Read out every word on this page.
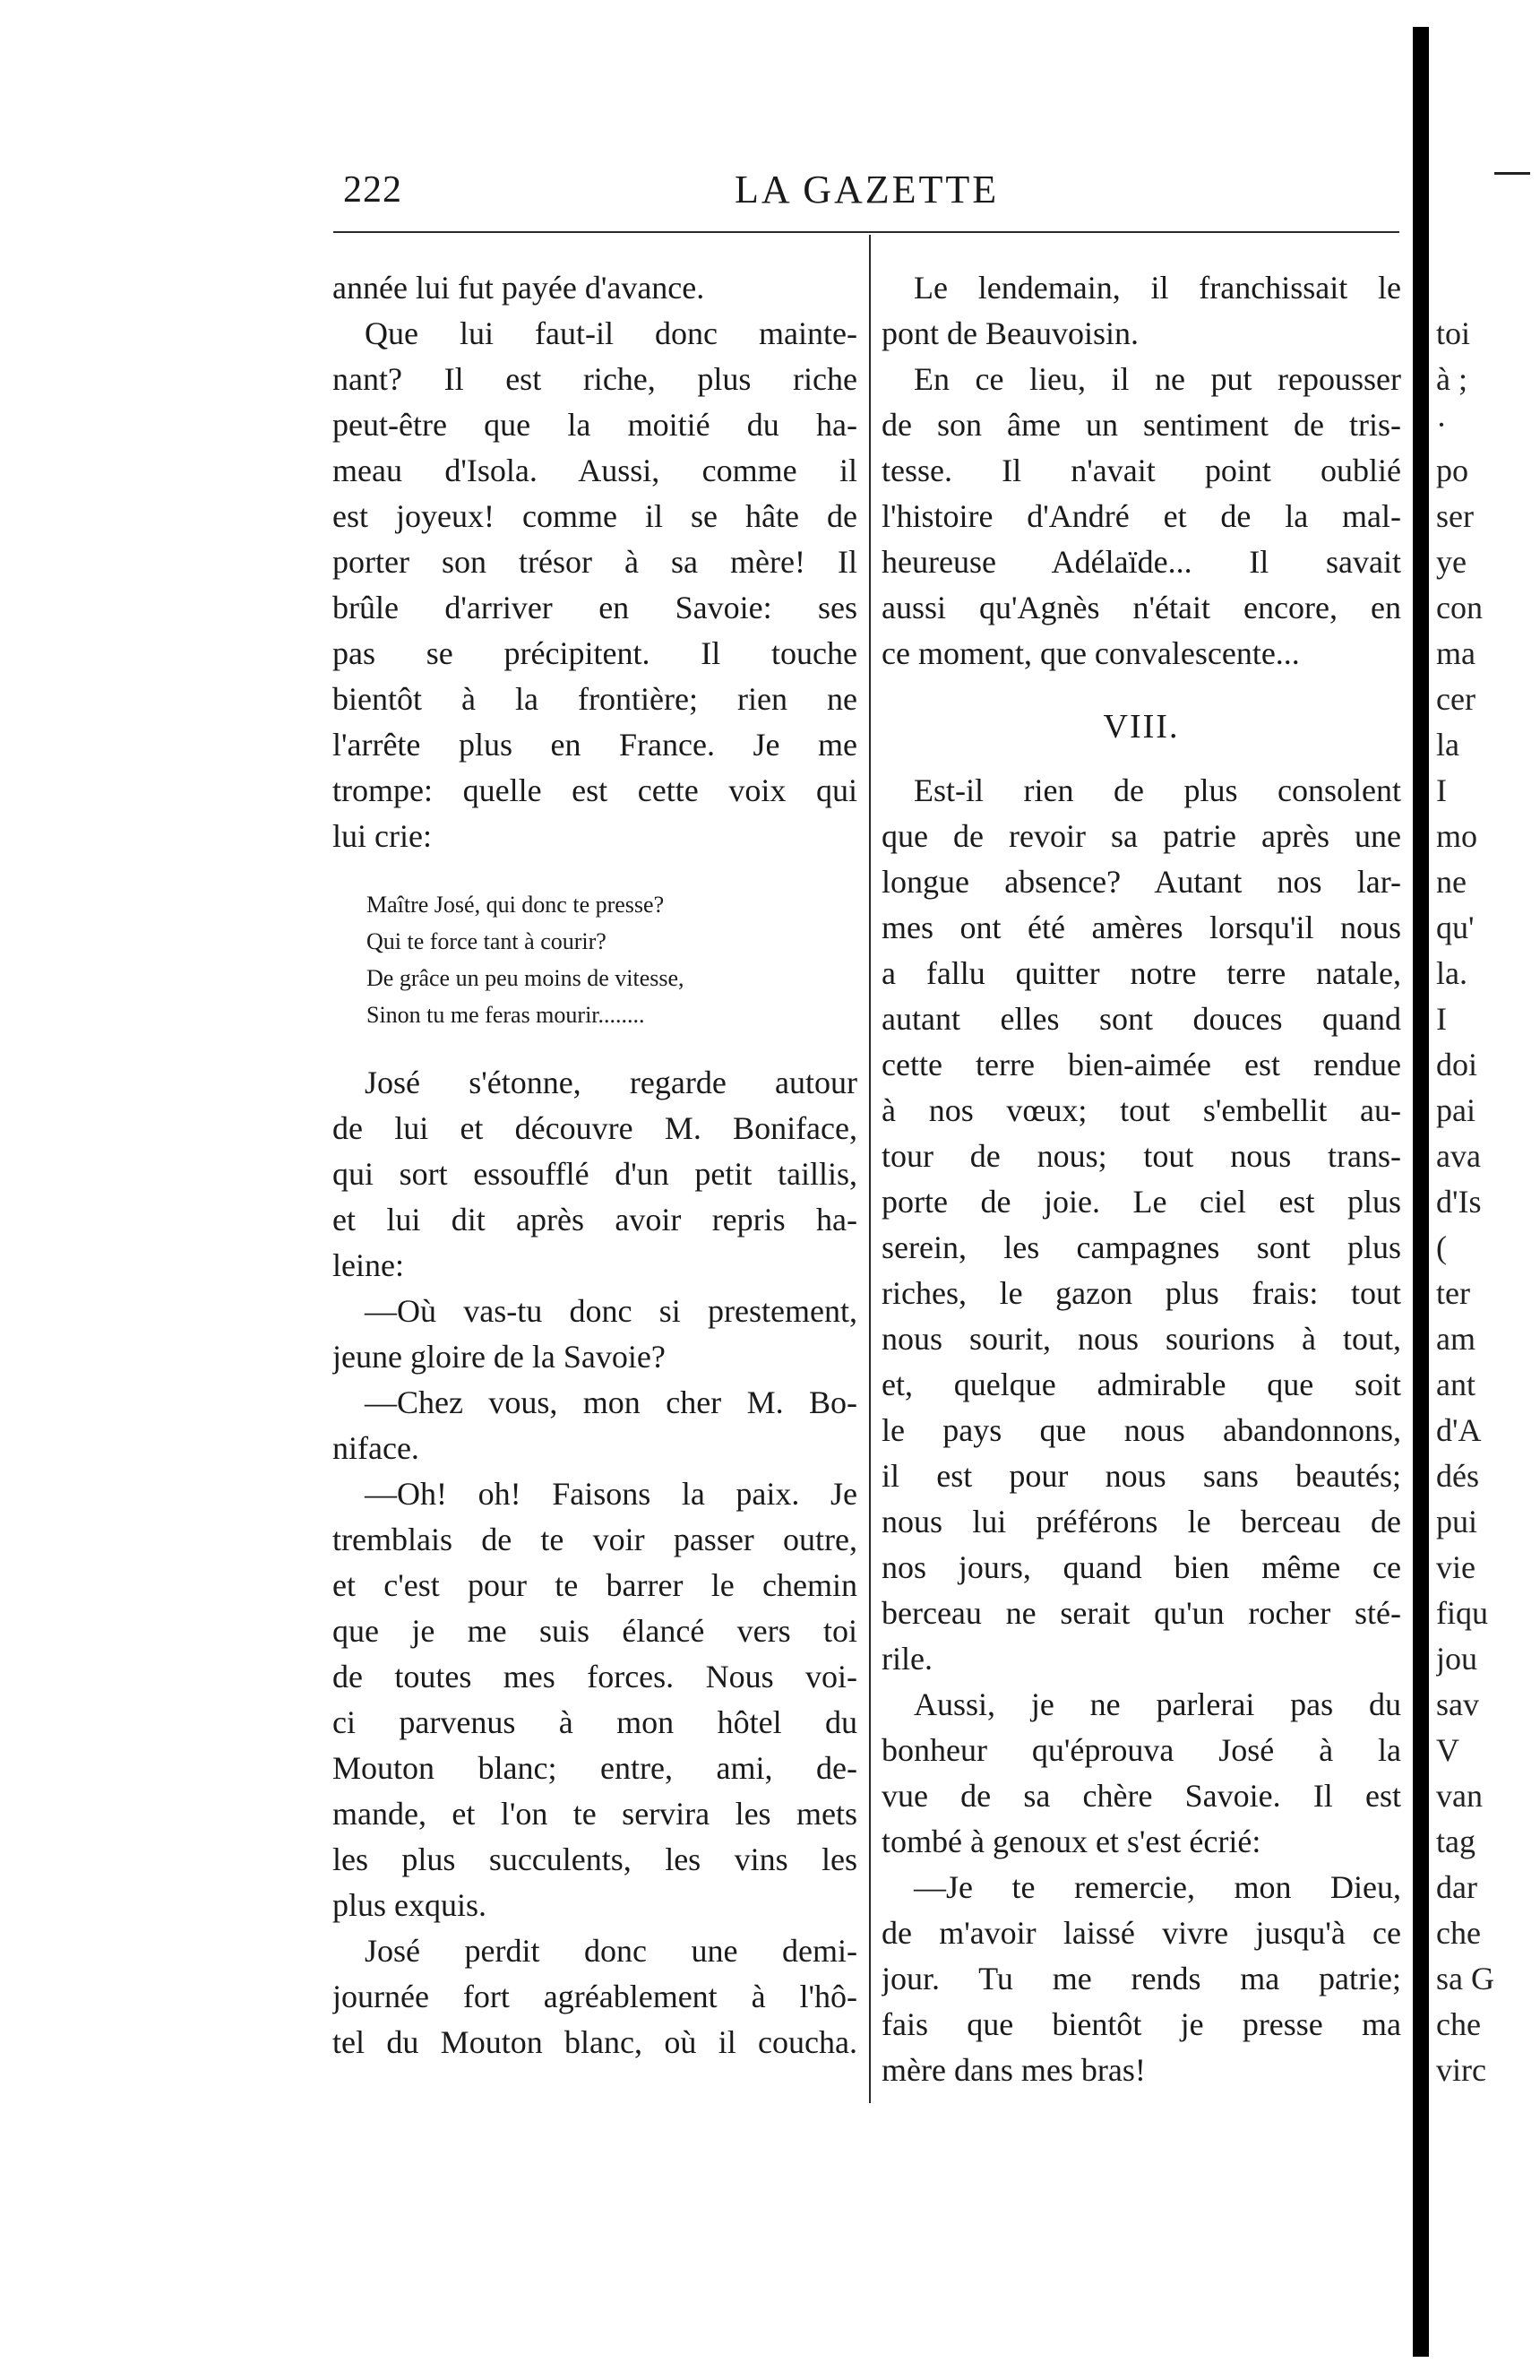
222	LA GAZETTE
année lui fut payée d'avance.
Que lui faut-il donc mainte-
nant? Il est riche, plus riche
peut-être que la moitié du ha-
meau d'Isola. Aussi, comme il
est joyeux! comme il se hâte de
porter son trésor à sa mère! Il
brûle d'arriver en Savoie: ses
pas se précipitent. Il touche
bientôt à la frontière; rien ne
l'arrête plus en France. Je me
trompe: quelle est cette voix qui
lui crie:
Maître José, qui donc te presse?
Qui te force tant à courir?
De grâce un peu moins de vitesse,
Sinon tu me feras mourir........
José s'étonne, regarde autour
de lui et découvre M. Boniface,
qui sort essoufflé d'un petit taillis,
et lui dit après avoir repris ha-
leine:
—Où vas-tu donc si prestement,
jeune gloire de la Savoie?
—Chez vous, mon cher M. Bo-
niface.
—Oh! oh! Faisons la paix. Je
tremblais de te voir passer outre,
et c'est pour te barrer le chemin
que je me suis élancé vers toi
de toutes mes forces. Nous voi-
ci parvenus à mon hôtel du
Mouton blanc; entre, ami, de-
mande, et l'on te servira les mets
les plus succulents, les vins les
plus exquis.
José perdit donc une demi-
journée fort agréablement à l'hô-
tel du Mouton blanc, où il coucha.
Le lendemain, il franchissait le
pont de Beauvoisin.
En ce lieu, il ne put repousser
de son âme un sentiment de tris-
tesse. Il n'avait point oublié
l'histoire d'André et de la mal-
heureuse Adélaïde... Il savait
aussi qu'Agnès n'était encore, en
ce moment, que convalescente...
VIII.
Est-il rien de plus consolent
que de revoir sa patrie après une
longue absence? Autant nos lar-
mes ont été amères lorsqu'il nous
a fallu quitter notre terre natale,
autant elles sont douces quand
cette terre bien-aimée est rendue
à nos vœux; tout s'embellit au-
tour de nous; tout nous trans-
porte de joie. Le ciel est plus
serein, les campagnes sont plus
riches, le gazon plus frais: tout
nous sourit, nous sourions à tout,
et, quelque admirable que soit
le pays que nous abandonnons,
il est pour nous sans beautés;
nous lui préférons le berceau de
nos jours, quand bien même ce
berceau ne serait qu'un rocher sté-
rile.
Aussi, je ne parlerai pas du
bonheur qu'éprouva José à la
vue de sa chère Savoie. Il est
tombé à genoux et s'est écrié:
—Je te remercie, mon Dieu,
de m'avoir laissé vivre jusqu'à ce
jour. Tu me rends ma patrie;
fais que bientôt je presse ma
mère dans mes bras!
toi
à ;
·
po
ser
ye
con
ma
cer
la
I
mo
ne
qu'
la.
I
doi
pai
ava
d'Is
(
ter
am
ant
d'A
dés
pui
vie
fiqu
jou
sav
V
van
tag
dar
che
sa G
che
virc
